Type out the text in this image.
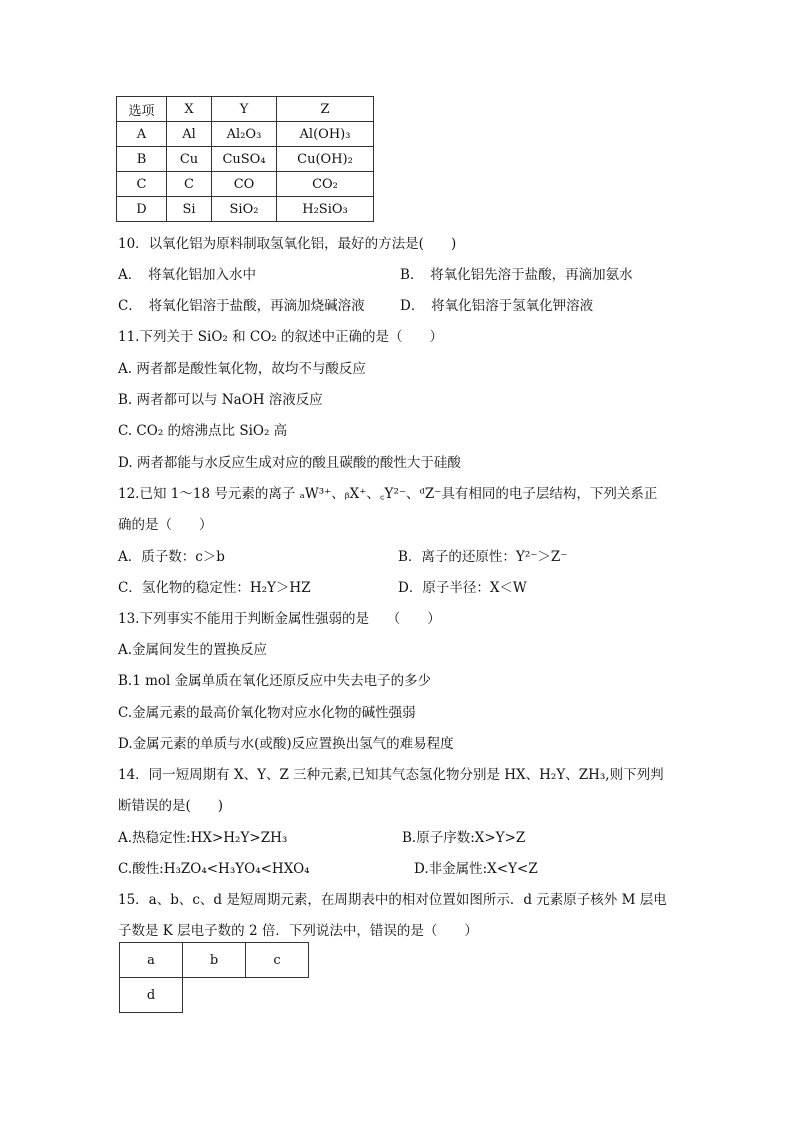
选项	X	Y	Z
A	Al	Al₂O₃	Al(OH)₃
B	Cu	CuSO₄	Cu(OH)₂
C	C	CO	CO₂
D	Si	SiO₂	H₂SiO₃
10．以氧化铝为原料制取氢氧化铝，最好的方法是(　　)
A．　将氧化铝加入水中	B．　将氧化铝先溶于盐酸，再滴加氨水
C．　将氧化铝溶于盐酸，再滴加烧碱溶液	D．　将氧化铝溶于氢氧化钾溶液
11.下列关于 SiO₂ 和 CO₂ 的叙述中正确的是（　　）
A. 两者都是酸性氧化物，故均不与酸反应
B. 两者都可以与 NaOH 溶液反应
C. CO₂ 的熔沸点比 SiO₂ 高
D. 两者都能与水反应生成对应的酸且碳酸的酸性大于硅酸
12.已知 1～18 号元素的离子 ₐW³⁺、ᵦX⁺、꜀Y²⁻、ᵈZ⁻具有相同的电子层结构，下列关系正
确的是（　　）
A．质子数：c＞b	B．离子的还原性：Y²⁻＞Z⁻
C．氢化物的稳定性：H₂Y＞HZ	D．原子半径：X＜W
13.下列事实不能用于判断金属性强弱的是　 （　　）
A.金属间发生的置换反应
B.1 mol 金属单质在氧化还原反应中失去电子的多少
C.金属元素的最高价氧化物对应水化物的碱性强弱
D.金属元素的单质与水(或酸)反应置换出氢气的难易程度
14．同一短周期有 X、Y、Z 三种元素,已知其气态氢化物分别是 HX、H₂Y、ZH₃,则下列判
断错误的是(　　)
A.热稳定性:HX>H₂Y>ZH₃	B.原子序数:X>Y>Z
C.酸性:H₃ZO₄<H₃YO₄<HXO₄	D.非金属性:X<Y<Z
15．a、b、c、d 是短周期元素，在周期表中的相对位置如图所示．d 元素原子核外 M 层电
子数是 K 层电子数的 2 倍．下列说法中，错误的是（　　）
a	b	c
d		
